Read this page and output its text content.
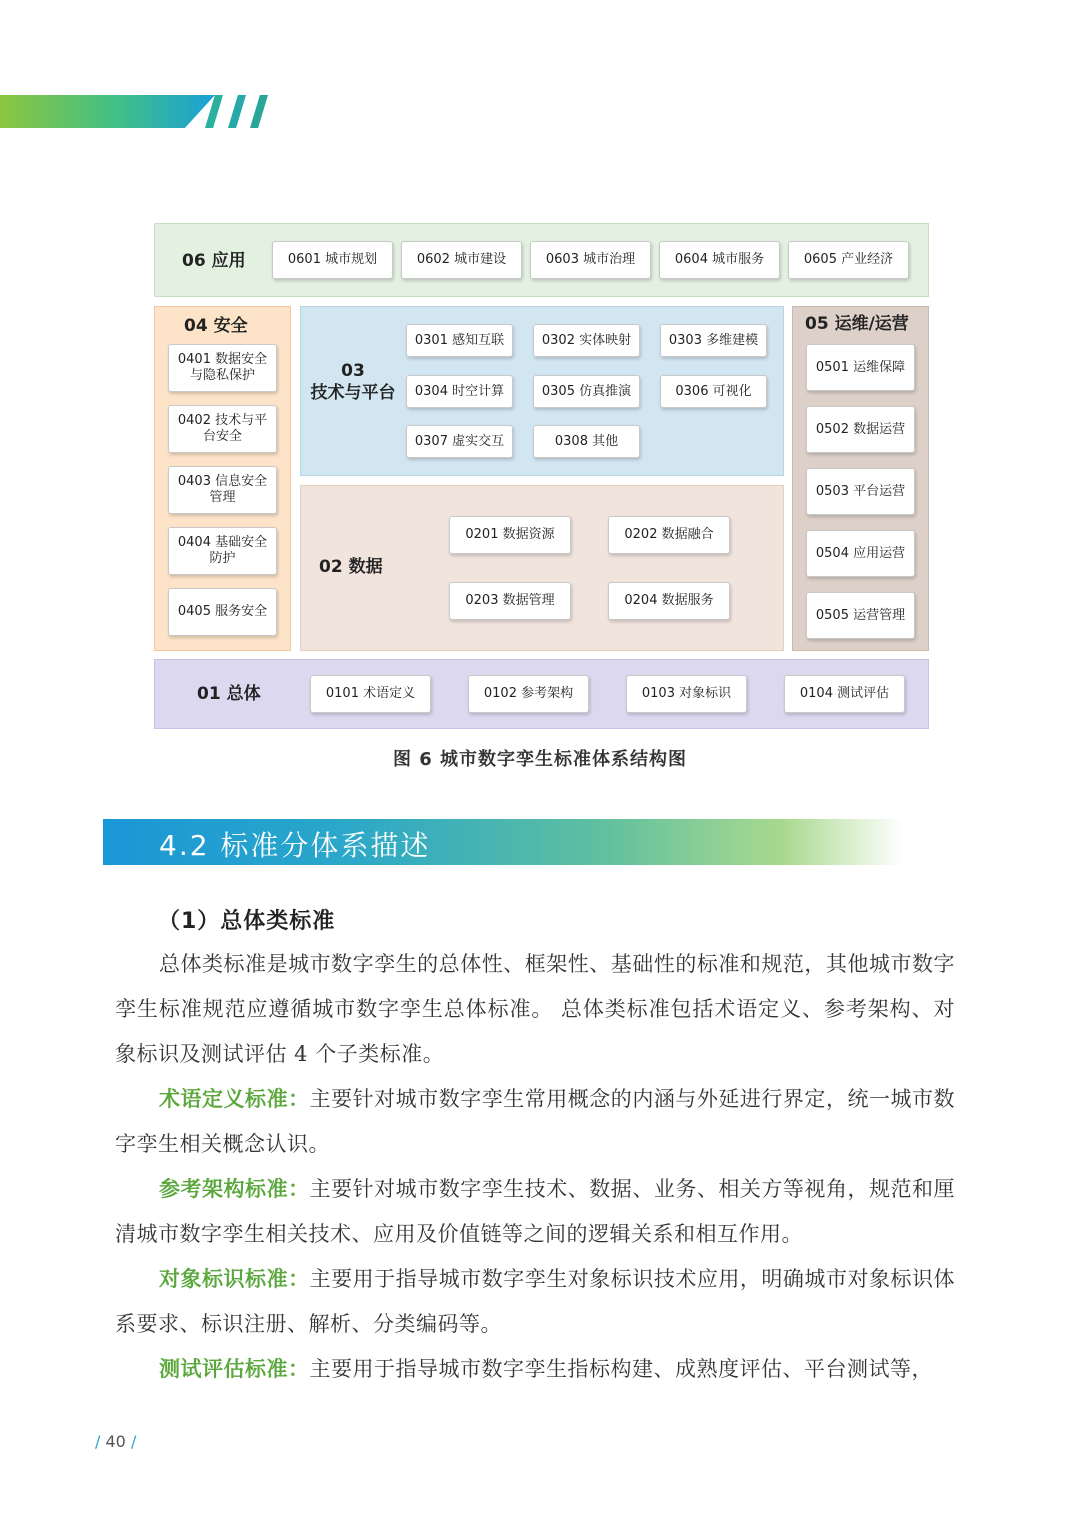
06 应用	0601 城市规划	0602 城市建设	0603 城市治理	0604 城市服务	0605 产业经济
04 安全
0401 数据安全与隐私保护
0402 技术与平台安全
0403 信息安全管理
0404 基础安全防护
0405 服务安全
03
技术与平台
0301 感知互联	0302 实体映射	0303 多维建模
0304 时空计算	0305 仿真推演	0306 可视化
0307 虚实交互	0308 其他
02 数据
0201 数据资源	0202 数据融合
0203 数据管理	0204 数据服务
05 运维/运营
0501 运维保障
0502 数据运营
0503 平台运营
0504 应用运营
0505 运营管理
01 总体	0101 术语定义	0102 参考架构	0103 对象标识	0104 测试评估
图 6 城市数字孪生标准体系结构图
4.2 标准分体系描述
（1）总体类标准

总体类标准是城市数字孪生的总体性、框架性、基础性的标准和规范，其他城市数字孪生标准规范应遵循城市数字孪生总体标准。 总体类标准包括术语定义、参考架构、对象标识及测试评估 4 个子类标准。

术语定义标准：主要针对城市数字孪生常用概念的内涵与外延进行界定，统一城市数字孪生相关概念认识。

参考架构标准：主要针对城市数字孪生技术、数据、业务、相关方等视角，规范和厘清城市数字孪生相关技术、应用及价值链等之间的逻辑关系和相互作用。

对象标识标准：主要用于指导城市数字孪生对象标识技术应用，明确城市对象标识体系要求、标识注册、解析、分类编码等。

测试评估标准：主要用于指导城市数字孪生指标构建、成熟度评估、平台测试等，

/ 40 /
